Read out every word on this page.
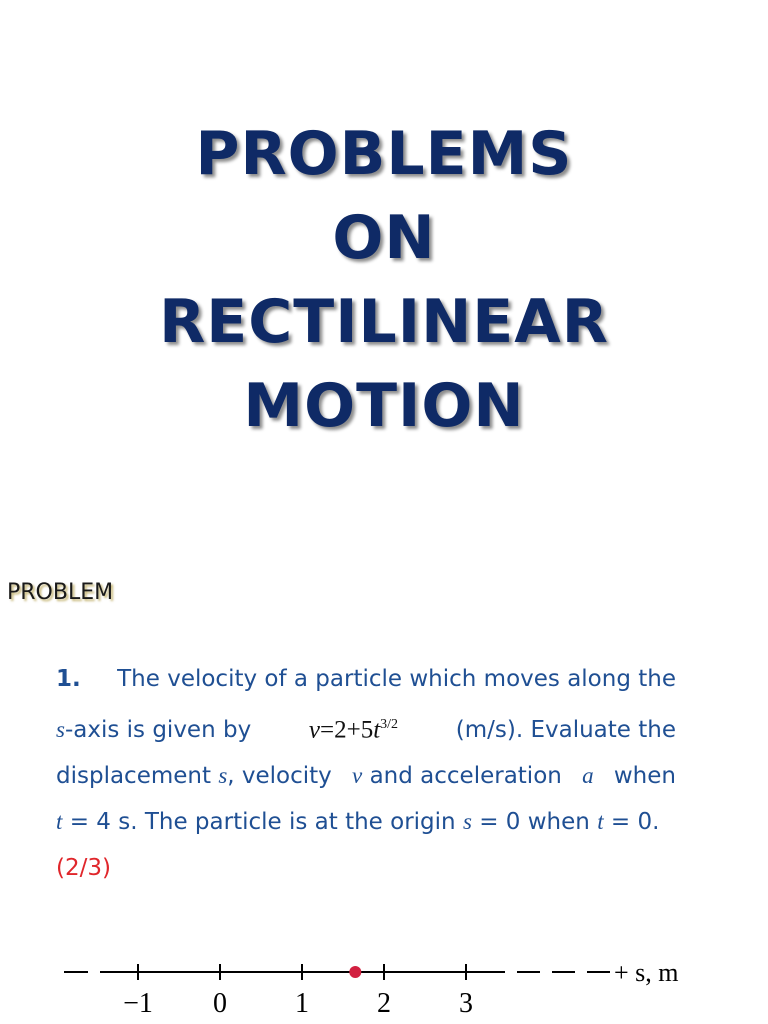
PROBLEMS
ON
RECTILINEAR
MOTION
PROBLEM
1. The velocity of a particle which moves along the
s-axis is given by $v=2+5t^{3/2}$	(m/s). Evaluate the
displacement s, velocity v and acceleration a when
t = 4 s. The particle is at the origin s = 0 when t = 0.
(2/3)
−1 0 1 2 3
+ s, m
